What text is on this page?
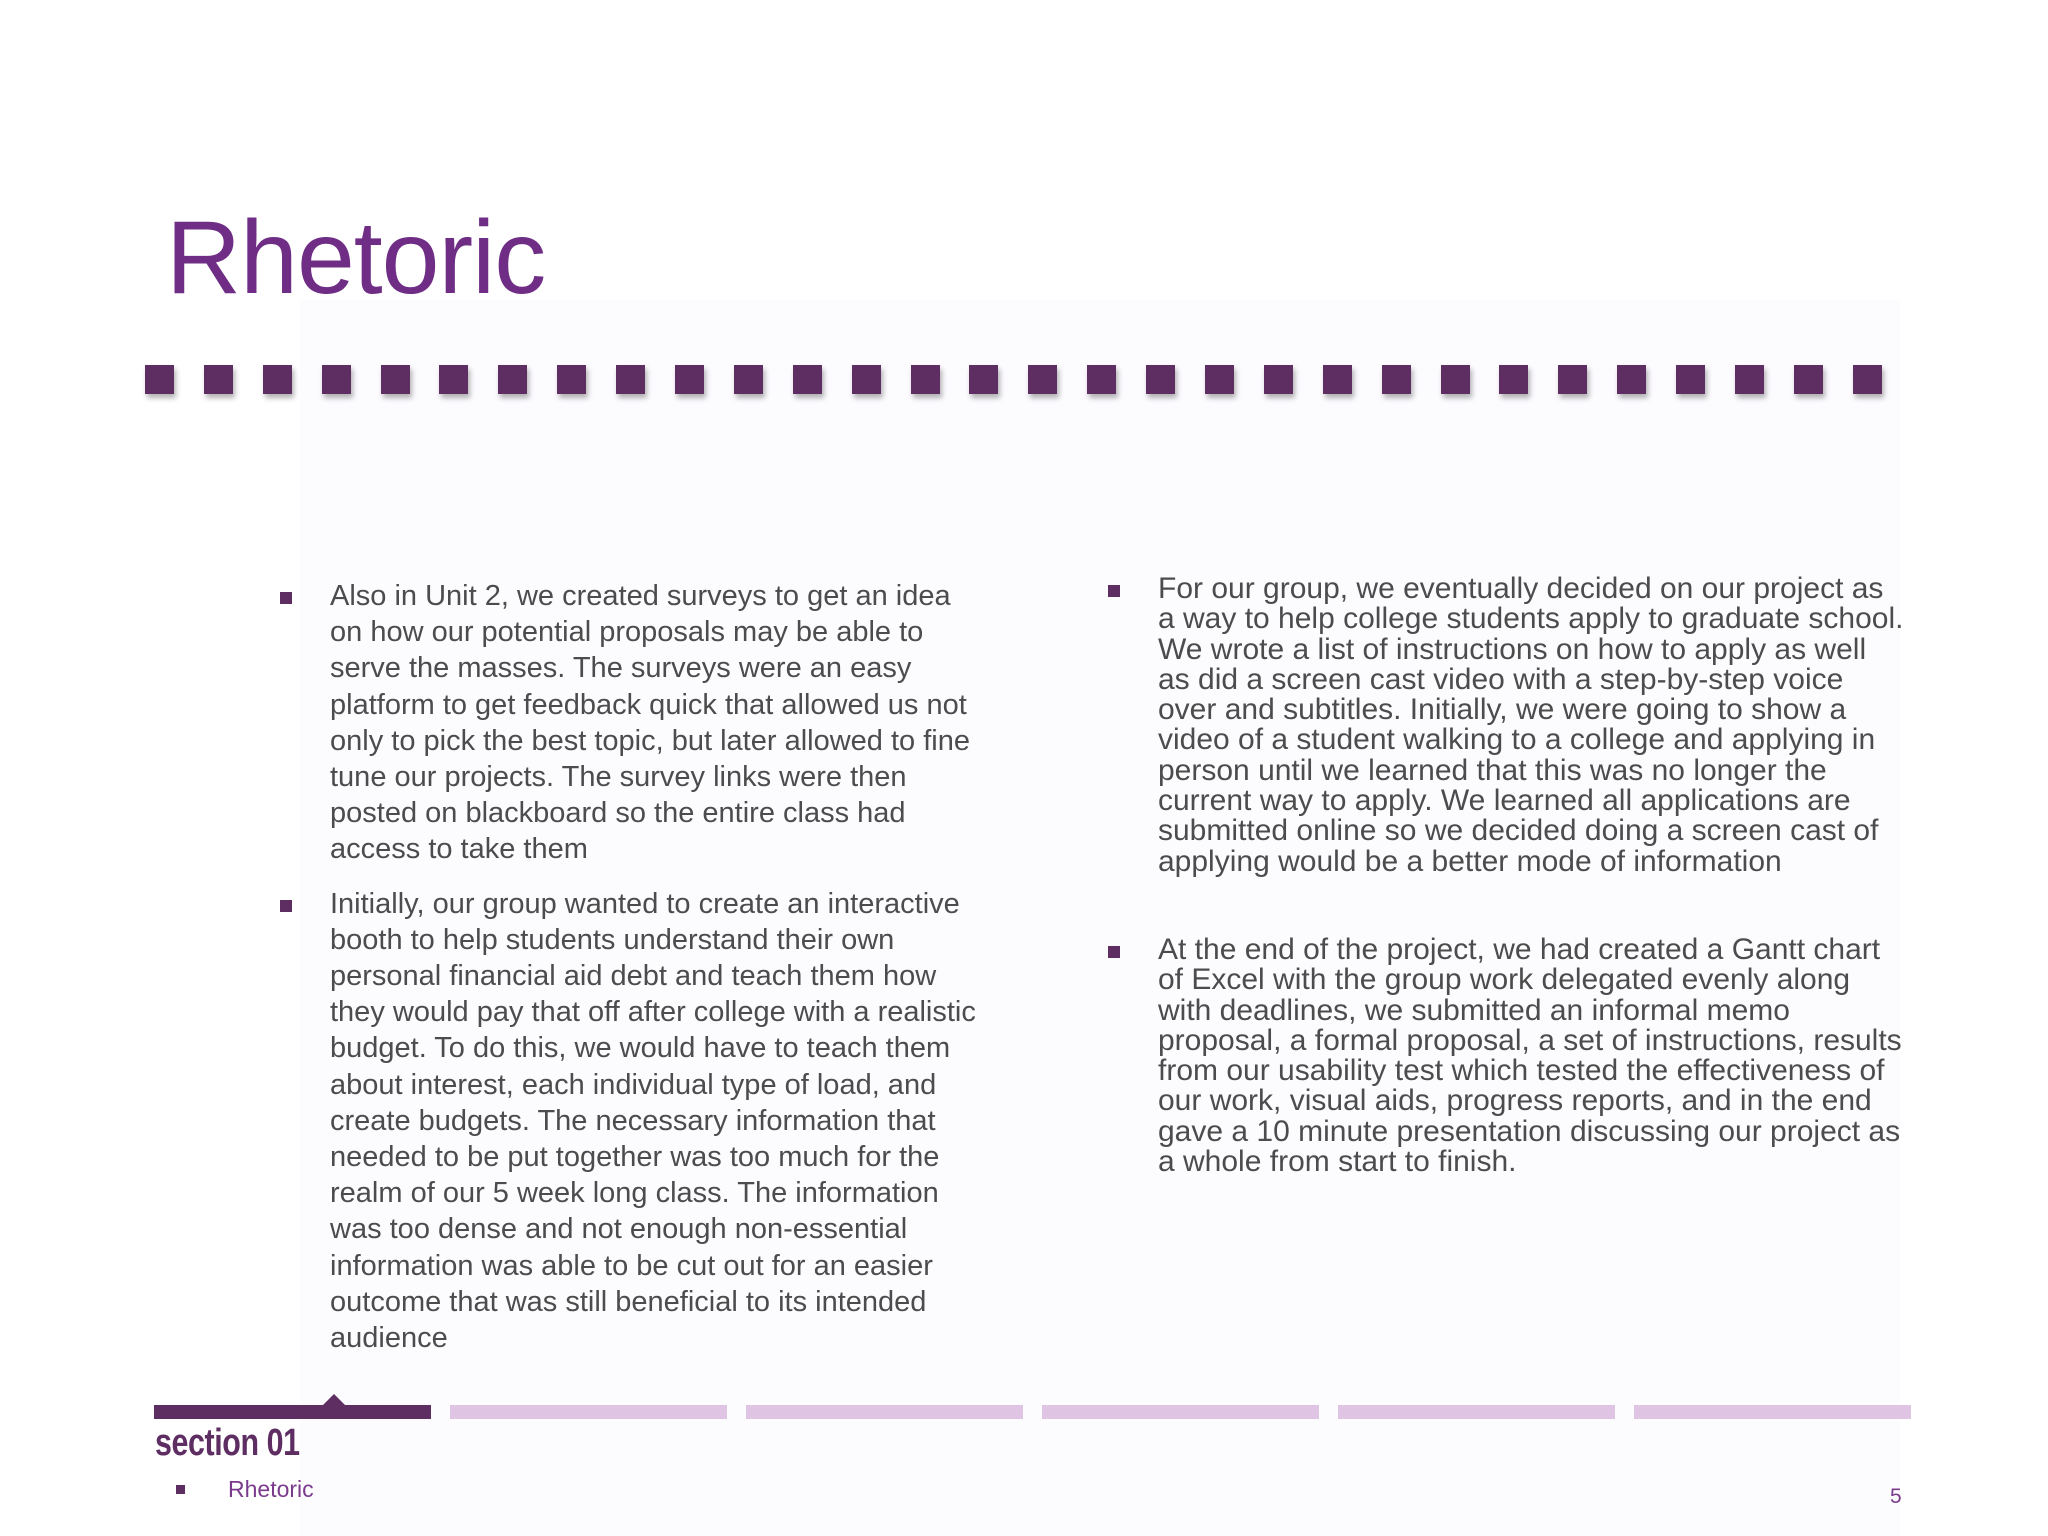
Rhetoric
Also in Unit 2, we created surveys to get an idea on how our potential proposals may be able to serve the masses. The surveys were an easy platform to get feedback quick that allowed us not only to pick the best topic, but later allowed to fine tune our projects. The survey links were then posted on blackboard so the entire class had access to take them
Initially, our group wanted to create an interactive booth to help students understand their own personal financial aid debt and teach them how they would pay that off after college with a realistic budget. To do this, we would have to teach them about interest, each individual type of load, and create budgets. The necessary information that needed to be put together was too much for the realm of our 5 week long class. The information was too dense and not enough non-essential information was able to be cut out for an easier outcome that was still beneficial to its intended audience
For our group, we eventually decided on our project as a way to help college students apply to graduate school. We wrote a list of instructions on how to apply as well as did a screen cast video with a step-by-step voice over and subtitles. Initially, we were going to show a video of a student walking to a college and applying in person until we learned that this was no longer the current way to apply. We learned all applications are submitted online so we decided doing a screen cast of applying would be a better mode of information
At the end of the project, we had created a Gantt chart of Excel with the group work delegated evenly along with deadlines, we submitted an informal memo proposal, a formal proposal, a set of instructions, results from our usability test which tested the effectiveness of our work, visual aids, progress reports, and in the end gave a 10 minute presentation discussing our project as a whole from start to finish.
section 01
Rhetoric	5
